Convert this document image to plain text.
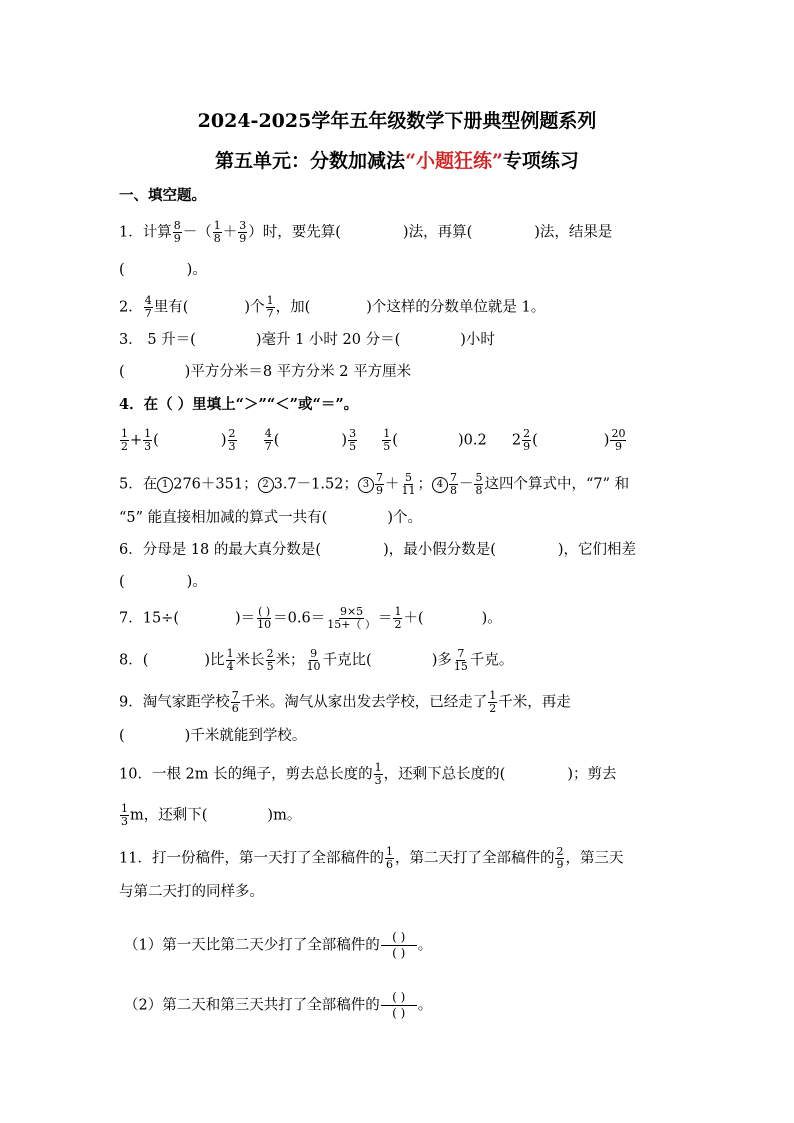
2024-2025学年五年级数学下册典型例题系列
第五单元：分数加减法“小题狂练”专项练习
一、填空题。
1．计算 $\frac{8}{9}$ －（ $\frac{1}{8} + \frac{3}{9}$ ）时，要先算(	)法，再算(	)法，结果是
(	)。
2． $\frac{4}{7}$ 里有(	)个 $\frac{1}{7}$ ，加(	)个这样的分数单位就是 1。
3． 5 升＝(	)毫升 1 小时 20 分＝(	)小时
(	)平方分米＝8 平方分米 2 平方厘米
4．在（ ）里填上“＞”“＜”或“＝”。
$\frac{1}{2} + \frac{1}{3}$ (	) $\frac{2}{3}$
$\frac{4}{7}$ (	) $\frac{3}{5}$
$\frac{1}{5}$ (	)0.2 $2 \frac{2}{9}$ (	) $\frac{20}{9}$
5．在 1 276＋351； 2 3.7－1.52； $3 \frac{7}{9} + \frac{5}{11}$ ； $4 \frac{7}{8} - \frac{5}{8}$ 这四个算式中，“7” 和
“5” 能直接相加减的算式一共有(	)个。
6．分母是 18 的最大真分数是(	)，最小假分数是(	)，它们相差
(	)。
7．15÷(	)＝ ( )
$10 =0.6= \frac{9\times 5}{15+( )} = \frac{1}{2}$ ＋(	)。
8．(	)比 $\frac{1}{4}$ 米长 $\frac{2}{5}$ 米； $\frac{9}{10}$ 千克比(	)多 $\frac{7}{15}$ 千克。
9．淘气家距学校 $\frac{7}{6}$ 千米。淘气从家出发去学校，已经走了 $\frac{1}{2}$ 千米，再走
(	)千米就能到学校。
10．一根 2m 长的绳子，剪去总长度的 $\frac{1}{3}$ ，还剩下总长度的(	)；剪去
$\frac{1}{3}$ m，还剩下(	)m。
11．打一份稿件，第一天打了全部稿件的 $\frac{1}{6}$ ，第二天打了全部稿件的 $\frac{2}{9}$ ，第三天
与第二天打的同样多。
（1）第一天比第二天少打了全部稿件的
( )
( ) 。
（2）第二天和第三天共打了全部稿件的
( )
( ) 。
